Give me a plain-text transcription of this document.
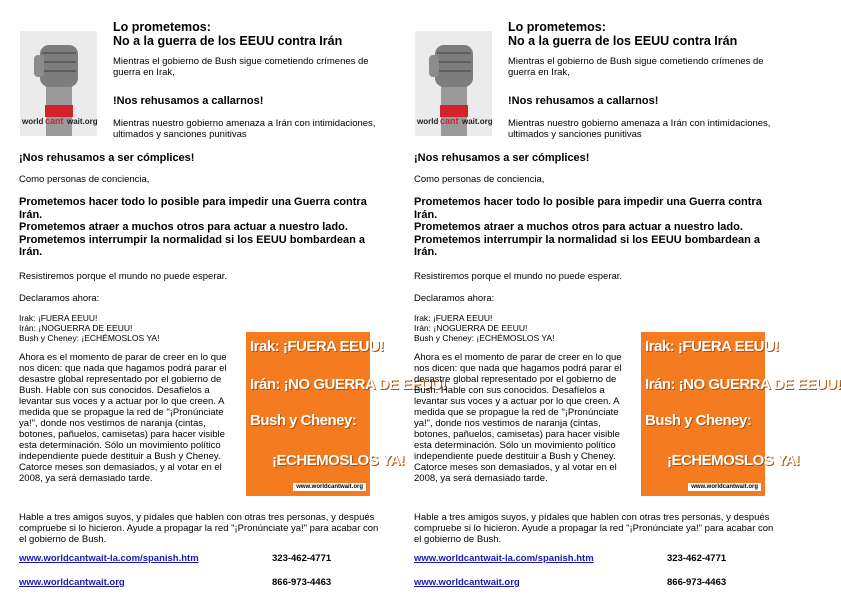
world cant wait.org
Lo prometemos:
No a la guerra de los EEUU contra Irán
Mientras el gobierno de Bush sigue cometiendo crímenes de guerra en Irak,
!Nos rehusamos a callarnos!
Mientras nuestro gobierno amenaza a Irán con intimidaciones, ultimados y sanciones punitivas
¡Nos rehusamos a ser cómplices!
Como personas de conciencia,
Prometemos hacer todo lo posible para impedir una Guerra contra Irán.
Prometemos atraer a muchos otros para actuar a nuestro lado.
Prometemos interrumpir la normalidad si los EEUU bombardean a Irán.
Resistiremos porque el mundo no puede esperar.
Declaramos ahora:
Irak: ¡FUERA EEUU!
Irán: ¡NOGUERRA DE EEUU!
Bush y Cheney: ¡ECHÉMOSLOS YA!
Ahora es el momento de parar de creer en lo que nos dicen: que nada que hagamos podrá parar el desastre global representado por el gobierno de Bush. Hable con sus conocidos. Desafíelos a levantar sus voces y a actuar por lo que creen. A medida que se propague la red de "¡Pronúnciate ya!", donde nos vestimos de naranja (cintas, botones, pañuelos, camisetas) para hacer visible esta determinación. Sólo un movimiento político independiente puede destituir a Bush y Cheney. Catorce meses son demasiados, y al votar en el 2008, ya será demasiado tarde.
Irak: ¡FUERA EEUU!
Irán: ¡NO GUERRA DE EEUU!
Bush y Cheney:
¡ECHEMOSLOS YA!
www.worldcantwait.org
Hable a tres amigos suyos, y pídales que hablen con otras tres personas, y después compruebe si lo hicieron. Ayude a propagar la red "¡Pronúnciate ya!" para acabar con el gobierno de Bush.
www.worldcantwait-la.com/spanish.htm	323-462-4771
www.worldcantwait.org	866-973-4463
world cant wait.org
Lo prometemos:
No a la guerra de los EEUU contra Irán
Mientras el gobierno de Bush sigue cometiendo crímenes de guerra en Irak,
!Nos rehusamos a callarnos!
Mientras nuestro gobierno amenaza a Irán con intimidaciones, ultimados y sanciones punitivas
¡Nos rehusamos a ser cómplices!
Como personas de conciencia,
Prometemos hacer todo lo posible para impedir una Guerra contra Irán.
Prometemos atraer a muchos otros para actuar a nuestro lado.
Prometemos interrumpir la normalidad si los EEUU bombardean a Irán.
Resistiremos porque el mundo no puede esperar.
Declaramos ahora:
Irak: ¡FUERA EEUU!
Irán: ¡NOGUERRA DE EEUU!
Bush y Cheney: ¡ECHÉMOSLOS YA!
Ahora es el momento de parar de creer en lo que nos dicen: que nada que hagamos podrá parar el desastre global representado por el gobierno de Bush. Hable con sus conocidos. Desafíelos a levantar sus voces y a actuar por lo que creen. A medida que se propague la red de "¡Pronúnciate ya!", donde nos vestimos de naranja (cintas, botones, pañuelos, camisetas) para hacer visible esta determinación. Sólo un movimiento político independiente puede destituir a Bush y Cheney. Catorce meses son demasiados, y al votar en el 2008, ya será demasiado tarde.
Irak: ¡FUERA EEUU!
Irán: ¡NO GUERRA DE EEUU!
Bush y Cheney:
¡ECHEMOSLOS YA!
www.worldcantwait.org
Hable a tres amigos suyos, y pídales que hablen con otras tres personas, y después compruebe si lo hicieron. Ayude a propagar la red "¡Pronúnciate ya!" para acabar con el gobierno de Bush.
www.worldcantwait-la.com/spanish.htm	323-462-4771
www.worldcantwait.org	866-973-4463
